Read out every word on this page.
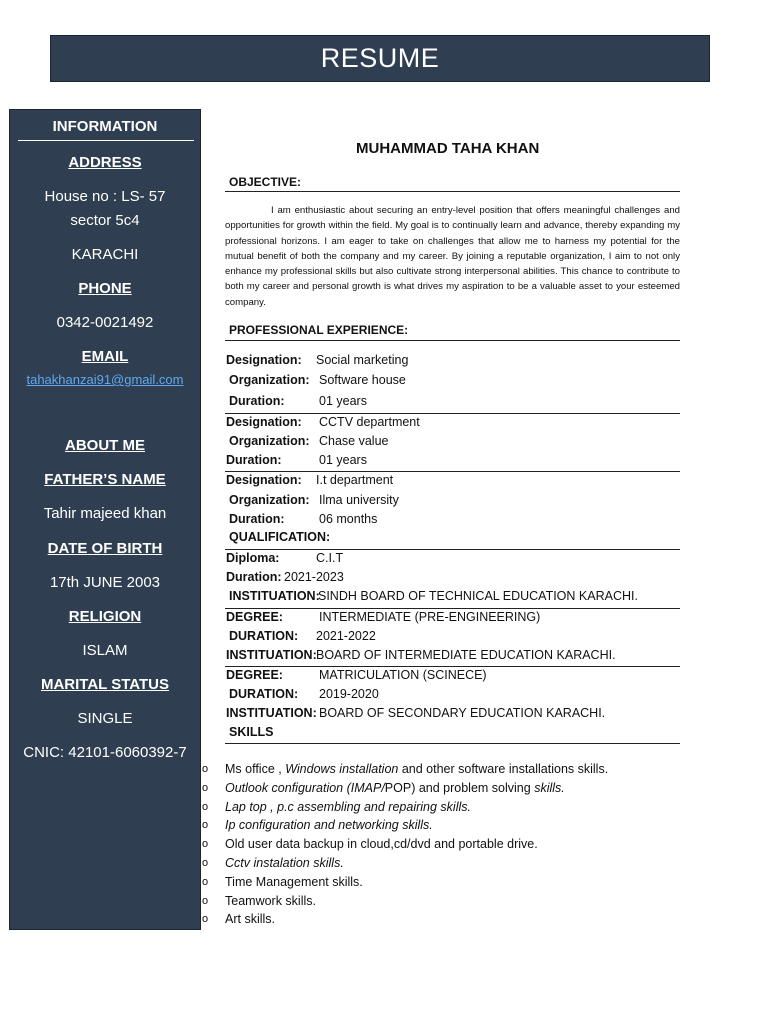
RESUME
INFORMATION
ADDRESS
House no : LS- 57
sector 5c4
KARACHI
PHONE
0342-0021492
EMAIL
tahakhanzai91@gmail.com
ABOUT ME
FATHER’S NAME
Tahir majeed khan
DATE OF BIRTH
17th JUNE 2003
RELIGION
ISLAM
MARITAL STATUS
SINGLE
CNIC: 42101-6060392-7
MUHAMMAD TAHA KHAN
OBJECTIVE:
I am enthusiastic about securing an entry-level position that offers meaningful challenges and opportunities for growth within the field. My goal is to continually learn and advance, thereby expanding my professional horizons. I am eager to take on challenges that allow me to harness my potential for the mutual benefit of both the company and my career. By joining a reputable organization, I aim to not only enhance my professional skills but also cultivate strong interpersonal abilities. This chance to contribute to both my career and personal growth is what drives my aspiration to be a valuable asset to your esteemed company.
PROFESSIONAL EXPERIENCE:
Designation: Social marketing
Organization: Software house
Duration:	01 years
Designation: CCTV department
Organization: Chase value
Duration:	01 years
Designation: I.t department
Organization: Ilma university
Duration:	06 months
QUALIFICATION:
Diploma:	C.I.T
Duration: 2021-2023
INSTITUATION:
SINDH BOARD OF TECHNICAL EDUCATION KARACHI.
DEGREE:	INTERMEDIATE (PRE-ENGINEERING)
DURATION: 2021-2022
INSTITUATION: BOARD OF INTERMEDIATE EDUCATION KARACHI.
DEGREE:	MATRICULATION (SCINECE)
DURATION: 2019-2020
INSTITUATION: BOARD OF SECONDARY EDUCATION KARACHI.
SKILLS
o Ms office , Windows installation and other software installations skills.
o Outlook configuration (IMAP/POP) and problem solving skills.
o Lap top , p.c assembling and repairing skills.
o Ip configuration and networking skills.
o Old user data backup in cloud,cd/dvd and portable drive.
o Cctv instalation skills.
o Time Management skills.
o Teamwork skills.
o Art skills.
